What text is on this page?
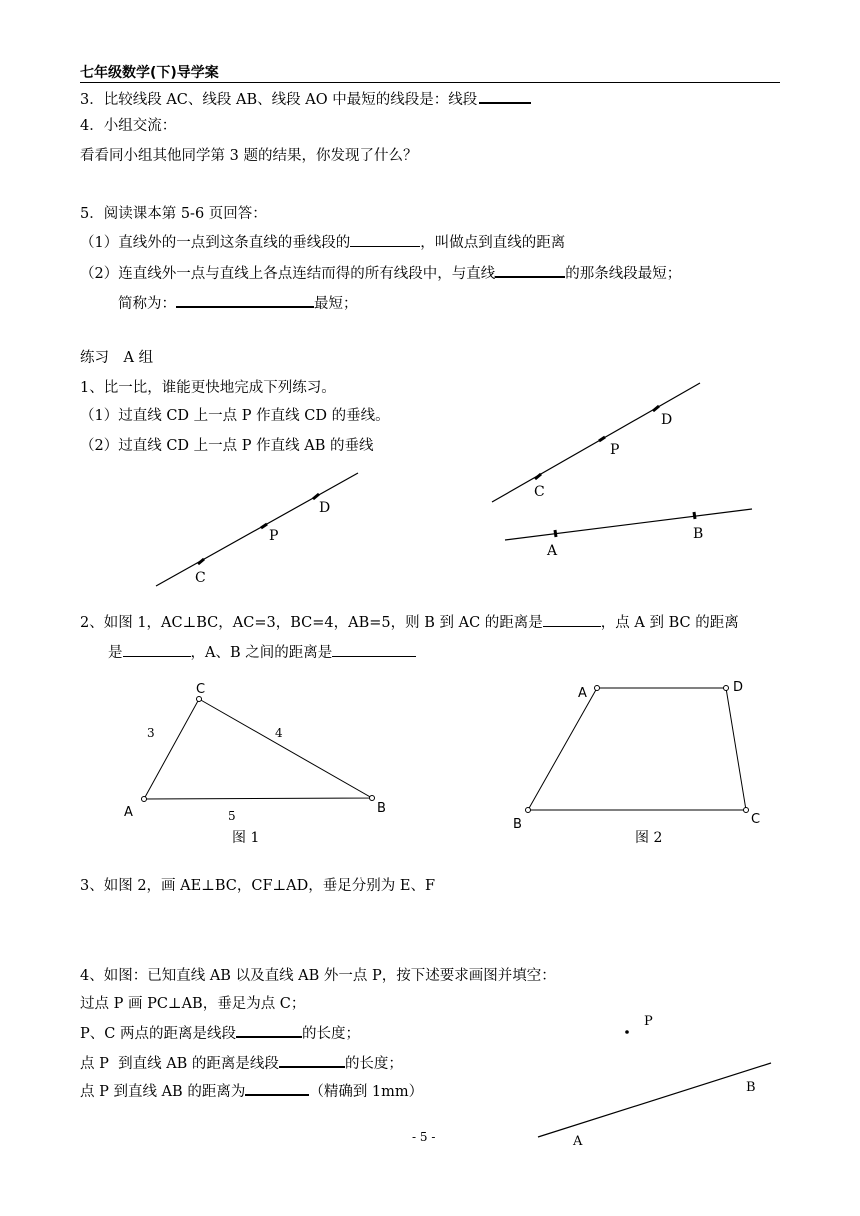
七年级数学(下)导学案
3．比较线段 AC、线段 AB、线段 AO 中最短的线段是：线段
4．小组交流：
看看同小组其他同学第 3 题的结果，你发现了什么？
5．阅读课本第 5-6 页回答：
（1）直线外的一点到这条直线的垂线段的	，叫做点到直线的距离
（2）连直线外一点与直线上各点连结而得的所有线段中，与直线	的那条线段最短；
简称为：	最短；
练习　A 组
1、比一比，谁能更快地完成下列练习。
（1）过直线 CD 上一点 P 作直线 CD 的垂线。
（2）过直线 CD 上一点 P 作直线 AB 的垂线
2、如图 1，AC⊥BC，AC=3，BC=4，AB=5，则 B 到 AC 的距离是	，点 A 到 BC 的距离
是	，A、B 之间的距离是
3、如图 2，画 AE⊥BC，CF⊥AD，垂足分别为 E、F
4、如图：已知直线 AB 以及直线 AB 外一点 P，按下述要求画图并填空：
过点 P 画 PC⊥AB，垂足为点 C；
P、C 两点的距离是线段	的长度；
点 P  到直线 AB 的距离是线段	的长度；
点 P 到直线 AB 的距离为	（精确到 1mm）
D
P
C
D
P
C
A
B
C
A	B
3	4
5
图 1
A	D
B	C
图 2
P
A
B
- 5 -
